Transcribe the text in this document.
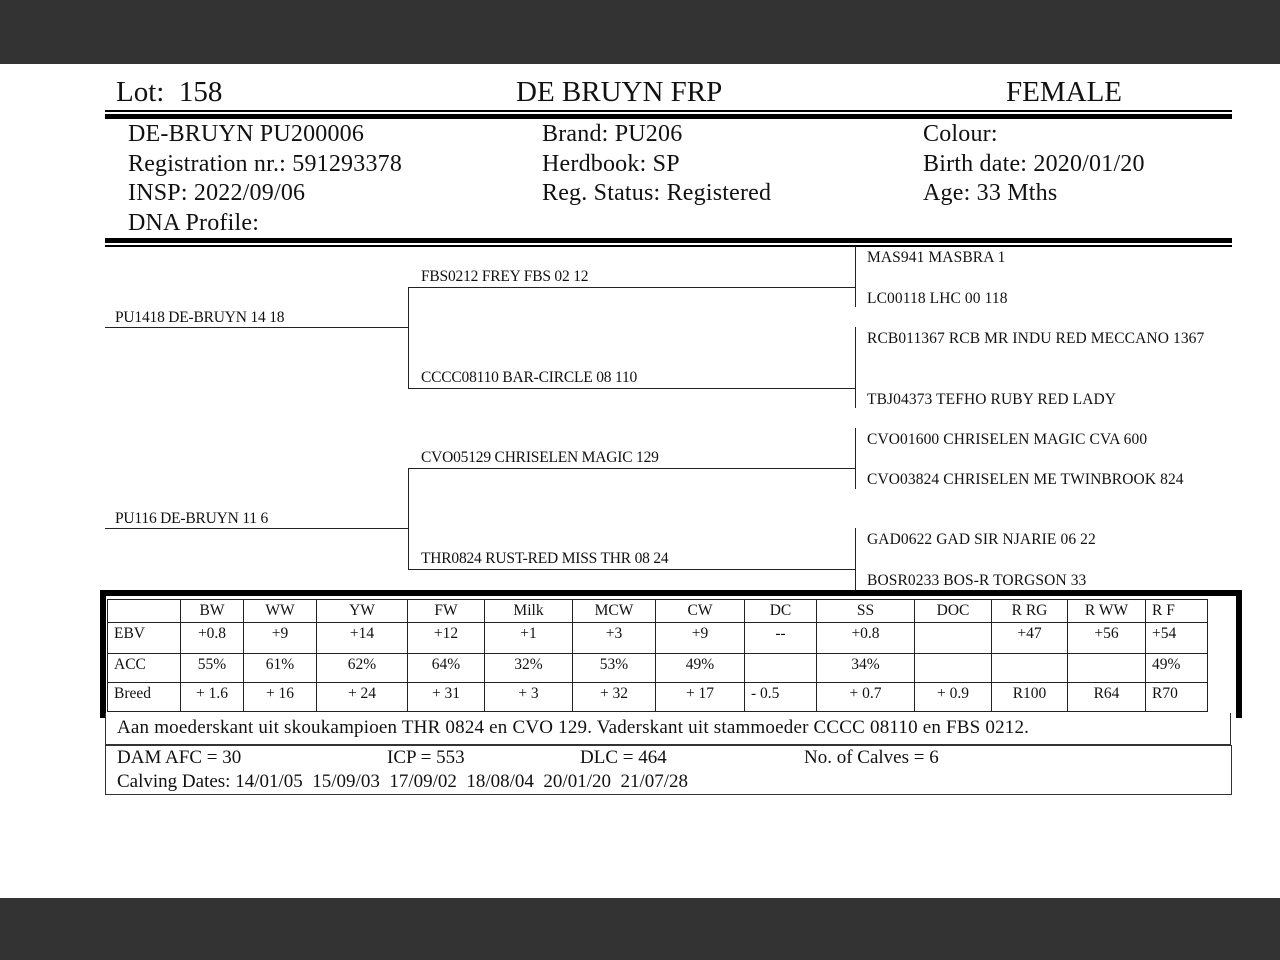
Lot: 158	DE BRUYN FRP	FEMALE
DE-BRUYN PU200006
Registration nr.: 591293378
INSP: 2022/09/06
DNA Profile:
Brand: PU206
Herdbook: SP
Reg. Status: Registered
Colour:
Birth date: 2020/01/20
Age: 33 Mths
PU1418 DE-BRUYN 14 18
PU116 DE-BRUYN 11 6
FBS0212 FREY FBS 02 12
CCCC08110 BAR-CIRCLE 08 110
CVO05129 CHRISELEN MAGIC 129
THR0824 RUST-RED MISS THR 08 24
MAS941 MASBRA 1
LC00118 LHC 00 118
RCB011367 RCB MR INDU RED MECCANO 1367
TBJ04373 TEFHO RUBY RED LADY
CVO01600 CHRISELEN MAGIC CVA 600
CVO03824 CHRISELEN ME TWINBROOK 824
GAD0622 GAD SIR NJARIE 06 22
BOSR0233 BOS-R TORGSON 33
	BW	WW	YW	FW	Milk	MCW	CW	DC	SS	DOC	R RG	R WW	R F
EBV	+0.8	+9	+14	+12	+1	+3	+9	--	+0.8		+47	+56	+54
ACC	55%	61%	62%	64%	32%	53%	49%		34%				49%
Breed	+ 1.6	+ 16	+ 24	+ 31	+ 3	+ 32	+ 17	- 0.5	+ 0.7	+ 0.9	R100	R64	R70
Aan moederskant uit skoukampioen THR 0824 en CVO 129. Vaderskant uit stammoeder CCCC 08110 en FBS 0212.
DAM AFC = 30	ICP = 553	DLC = 464	No. of Calves = 6
Calving Dates: 14/01/05  15/09/03  17/09/02  18/08/04  20/01/20  21/07/28
